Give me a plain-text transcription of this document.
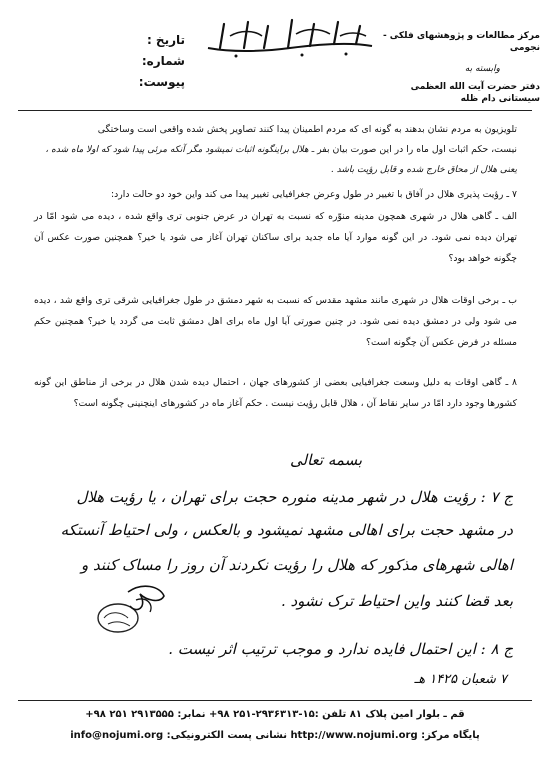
تاریخ :
شماره:
پیوست:
مرکز مطالعات و پژوهشهای فلکی - نجومی
وابسته به
دفتر حضرت آیت الله العظمی سیستانی دام ظله
تلویزیون به مردم نشان بدهند به گونه ای که مردم اطمینان پیدا کنند تصاویر پخش شده واقعی است وساختگی
نیست، حکم اثبات اول ماه را در این صورت بیان بفر ـ هلال براینگونه اثبات نمیشود مگر آنکه مرئی پیدا شود که اولا ماه شده ،
یعنی هلال از محاق خارج شده و قابل رؤیت باشد .
۷ ـ رؤیت پذیری هلال در آفاق با تغییر در طول وعرض جغرافیایی تغییر پیدا می کند واین خود دو حالت دارد:
الف ـ گاهی هلال در شهری همچون مدینه منوّره که نسبت به تهران در عرض جنوبی تری واقع شده ، دیده می شود امّا در تهران دیده نمی شود. در این گونه موارد آیا ماه جدید برای ساکنان تهران آغاز می شود یا خیر؟ همچنین صورت عکس آن چگونه خواهد بود؟
ب ـ برخی اوقات هلال در شهری مانند مشهد مقدس که نسبت به شهر دمشق در طول جغرافیایی شرقی تری واقع شد ، دیده می شود ولی در دمشق دیده نمی شود. در چنین صورتی آیا اول ماه برای اهل دمشق ثابت می گردد یا خیر؟ همچنین حکم مسئله در فرض عکس آن چگونه است؟
۸ ـ گاهی اوقات به دلیل وسعت جغرافیایی بعضی از کشورهای جهان ، احتمال دیده شدن هلال در برخی از مناطق این گونه کشورها وجود دارد امّا در سایر نقاط آن ، هلال قابل رؤیت نیست . حکم آغاز ماه در کشورهای اینچنینی چگونه است؟
بسمه تعالی
ج ۷ : رؤیت هلال در شهر مدینه منوره حجت برای تهران ، یا رؤیت هلال
در مشهد حجت برای اهالی مشهد نمیشود و بالعکس ، ولی احتیاط آنستکه
اهالی شهرهای مذکور که هلال را رؤیت نکردند آن روز را مساک کنند و
بعد قضا کنند واین احتیاط ترک نشود .
ج ۸ : این احتمال فایده ندارد و موجب ترتیب اثر نیست .
۷ شعبان ۱۴۲۵ هـ
قم ـ بلوار امین پلاک ۸۱ تلفن :۱۵-۲۹۳۶۳۱۳-۲۵۱ ۹۸+ نمابر: ۲۹۱۳۵۵۵ ۲۵۱ ۹۸+
پایگاه مرکز: http://www.nojumi.org نشانی پست الکترونیکی: info@nojumi.org
